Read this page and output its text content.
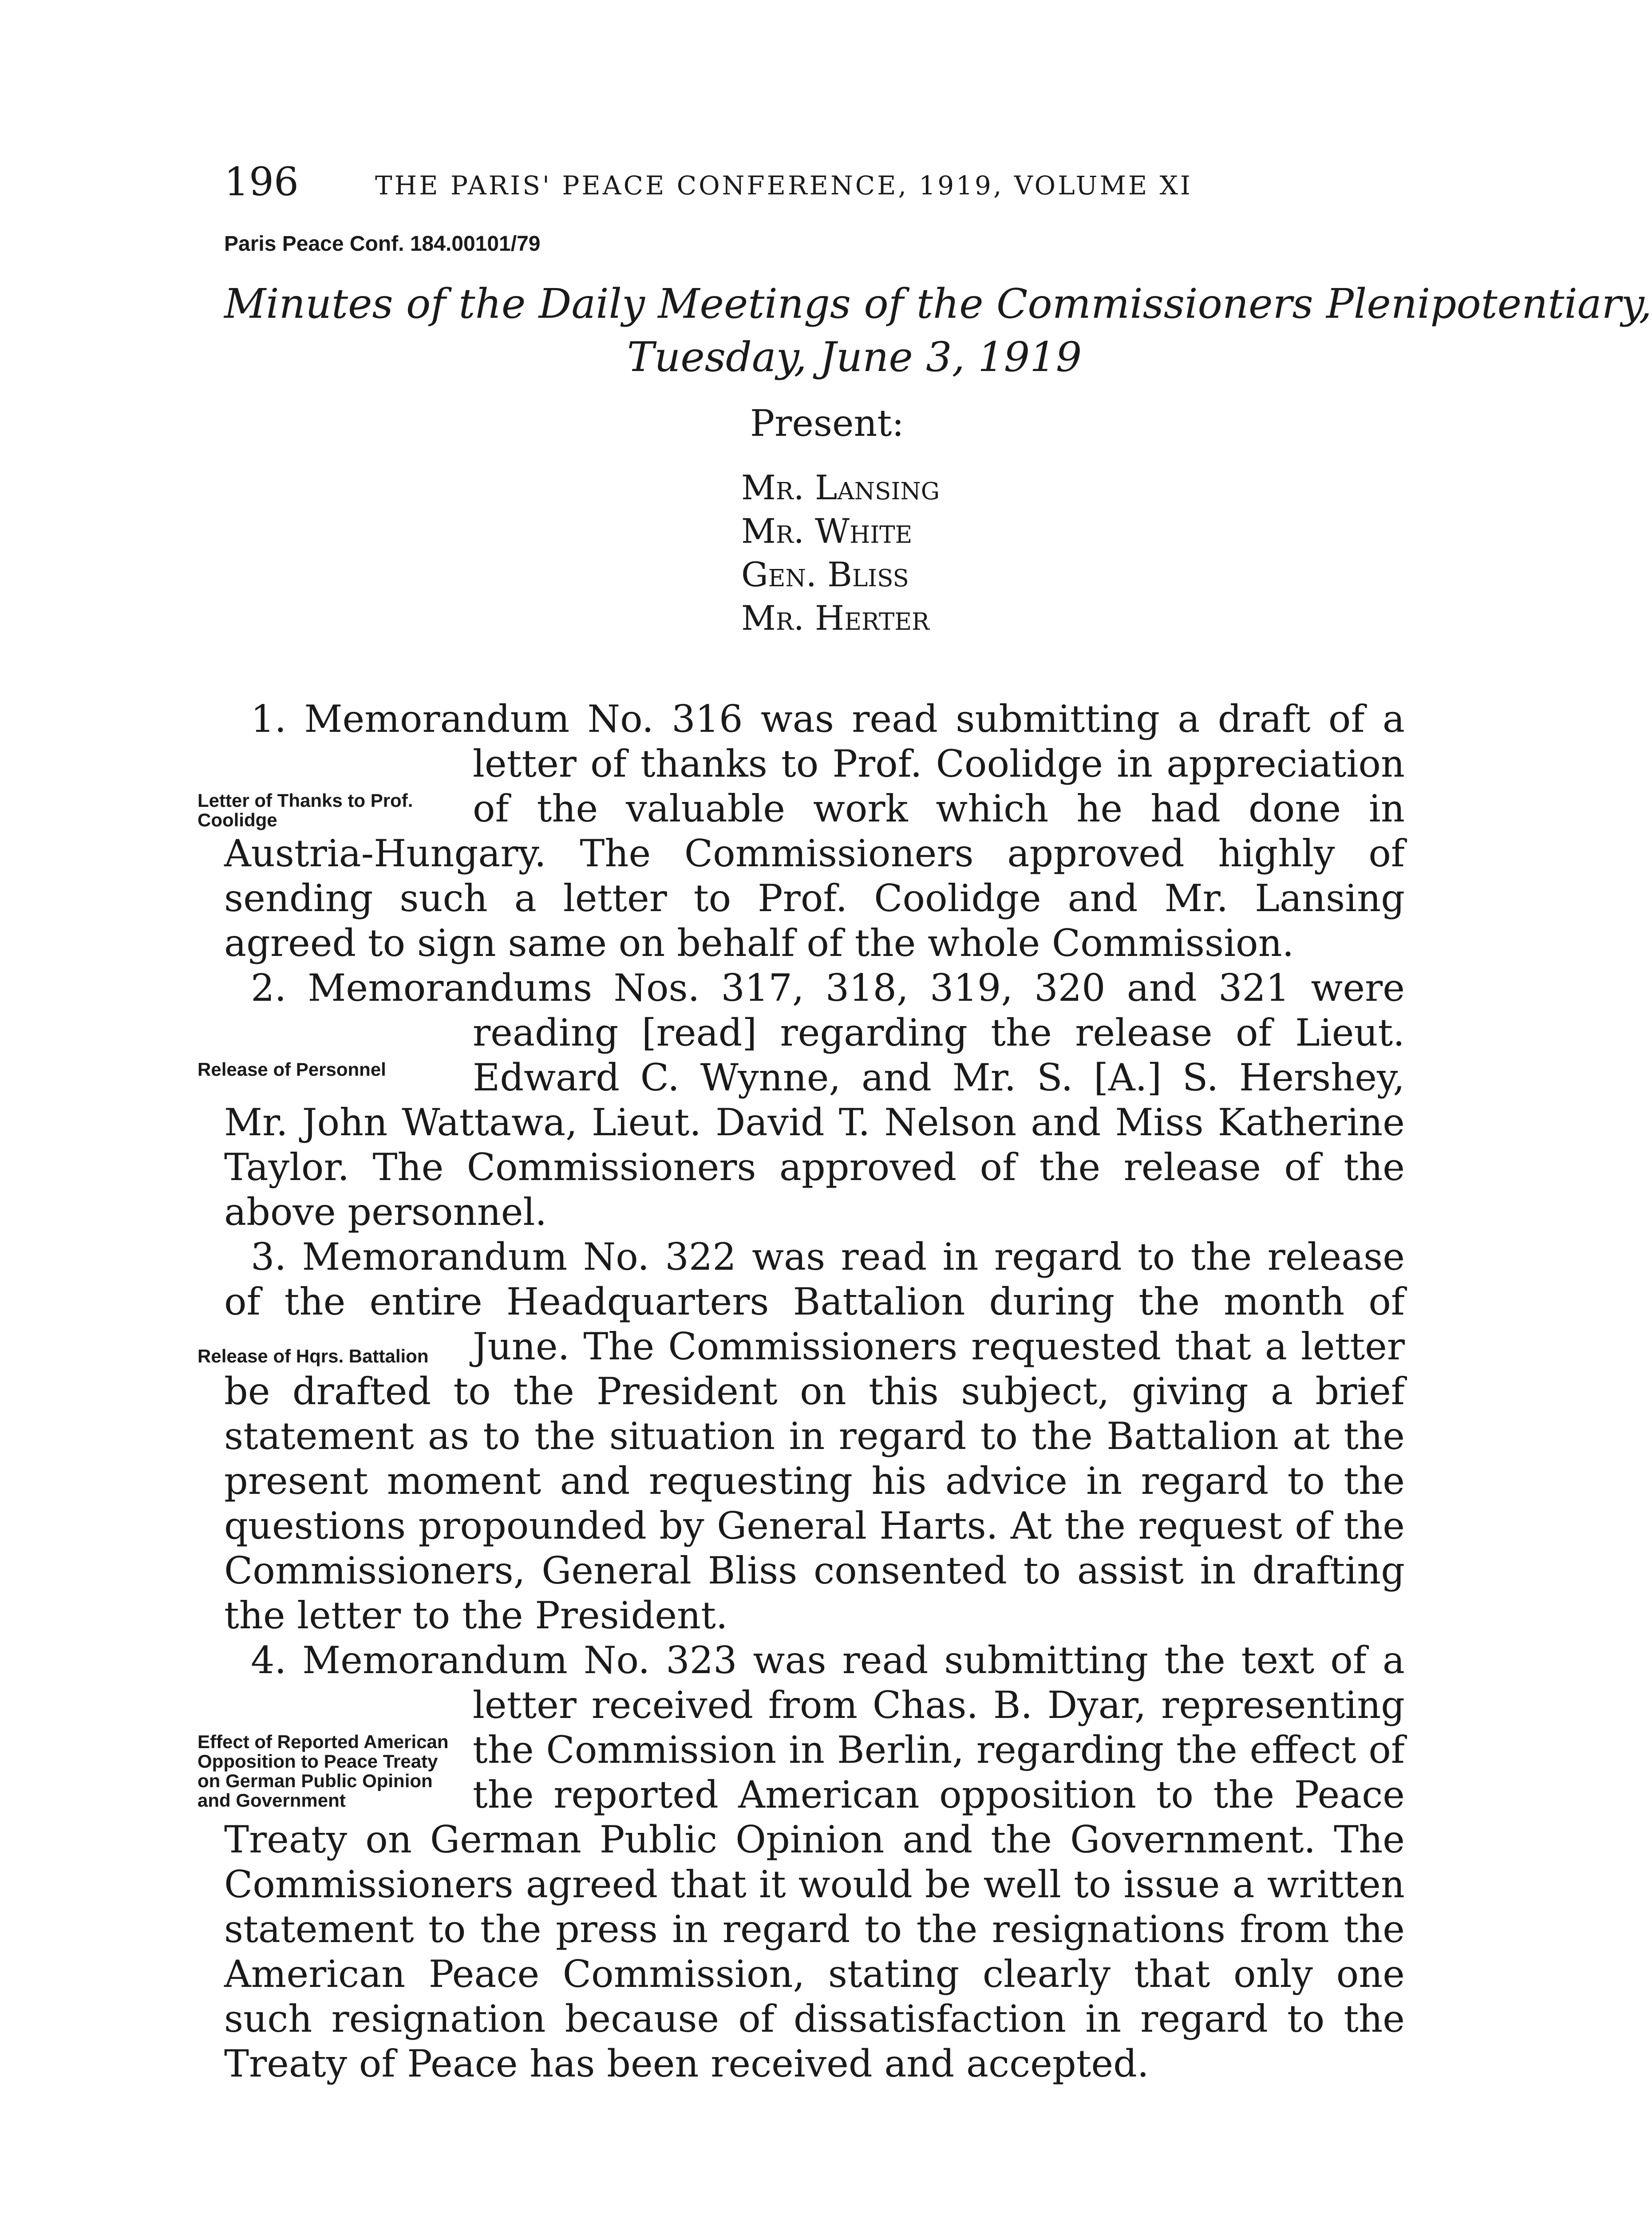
196	THE PARIS' PEACE CONFERENCE, 1919, VOLUME XI
Paris Peace Conf. 184.00101/79
Minutes of the Daily Meetings of the Commissioners Plenipotentiary,
Tuesday, June 3, 1919
Present:
Mr. Lansing
Mr. White
Gen. Bliss
Mr. Herter

Letter of Thanks to Prof. Coolidge
1. Memorandum No. 316 was read submitting a draft of a letter of thanks to Prof. Coolidge in appreciation of the valuable work which he had done in Austria-Hungary. The Commissioners approved highly of sending such a letter to Prof. Coolidge and Mr. Lansing agreed to sign same on behalf of the whole Commission.

Release of Personnel
2. Memorandums Nos. 317, 318, 319, 320 and 321 were reading [read] regarding the release of Lieut. Edward C. Wynne, and Mr. S. [A.] S. Hershey, Mr. John Wattawa, Lieut. David T. Nelson and Miss Katherine Taylor. The Commissioners approved of the release of the above personnel.

Release of Hqrs. Battalion
3. Memorandum No. 322 was read in regard to the release of the entire Headquarters Battalion during the month of June. The Commissioners requested that a letter be drafted to the President on this subject, giving a brief statement as to the situation in regard to the Battalion at the present moment and requesting his advice in regard to the questions propounded by General Harts. At the request of the Commissioners, General Bliss consented to assist in drafting the letter to the President.

Effect of Reported American Opposition to Peace Treaty on German Public Opinion and Government
4. Memorandum No. 323 was read submitting the text of a letter received from Chas. B. Dyar, representing the Commission in Berlin, regarding the effect of the reported American opposition to the Peace Treaty on German Public Opinion and the Government. The Commissioners agreed that it would be well to issue a written statement to the press in regard to the resignations from the American Peace Commission, stating clearly that only one such resignation because of dissatisfaction in regard to the Treaty of Peace has been received and accepted.
